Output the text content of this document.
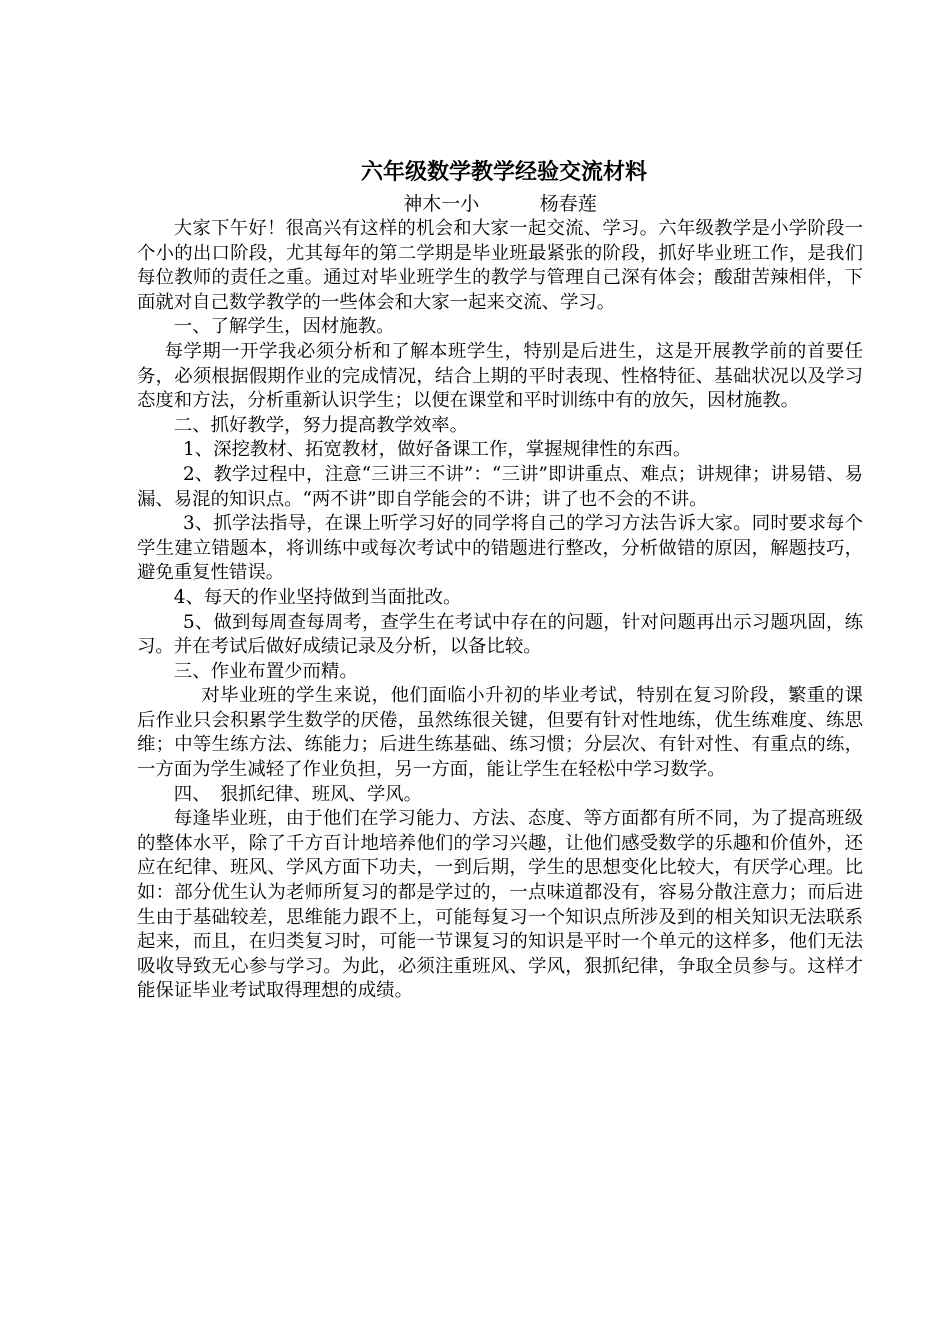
六年级数学教学经验交流材料
神木一小          杨春莲

大家下午好！很高兴有这样的机会和大家一起交流、学习。六年级教学是小学阶段一个小的出口阶段，尤其每年的第二学期是毕业班最紧张的阶段，抓好毕业班工作，是我们每位教师的责任之重。通过对毕业班学生的教学与管理自己深有体会；酸甜苦辣相伴，下面就对自己数学教学的一些体会和大家一起来交流、学习。

一、了解学生，因材施教。

每学期一开学我必须分析和了解本班学生，特别是后进生，这是开展教学前的首要任务，必须根据假期作业的完成情况，结合上期的平时表现、性格特征、基础状况以及学习态度和方法，分析重新认识学生；以便在课堂和平时训练中有的放矢，因材施教。

二、抓好教学，努力提高教学效率。

1、深挖教材、拓宽教材，做好备课工作，掌握规律性的东西。

2、教学过程中，注意“三讲三不讲”：“三讲”即讲重点、难点；讲规律；讲易错、易漏、易混的知识点。“两不讲”即自学能会的不讲；讲了也不会的不讲。

3、抓学法指导，在课上听学习好的同学将自己的学习方法告诉大家。同时要求每个学生建立错题本，将训练中或每次考试中的错题进行整改，分析做错的原因，解题技巧，避免重复性错误。

4、每天的作业坚持做到当面批改。

5、做到每周查每周考，查学生在考试中存在的问题，针对问题再出示习题巩固，练习。并在考试后做好成绩记录及分析，以备比较。

三、作业布置少而精。

对毕业班的学生来说，他们面临小升初的毕业考试，特别在复习阶段，繁重的课后作业只会积累学生数学的厌倦，虽然练很关键，但要有针对性地练，优生练难度、练思维；中等生练方法、练能力；后进生练基础、练习惯；分层次、有针对性、有重点的练，一方面为学生减轻了作业负担，另一方面，能让学生在轻松中学习数学。

四、　狠抓纪律、班风、学风。

每逢毕业班，由于他们在学习能力、方法、态度、等方面都有所不同，为了提高班级的整体水平，除了千方百计地培养他们的学习兴趣，让他们感受数学的乐趣和价值外，还应在纪律、班风、学风方面下功夫，一到后期，学生的思想变化比较大，有厌学心理。比如：部分优生认为老师所复习的都是学过的，一点味道都没有，容易分散注意力；而后进生由于基础较差，思维能力跟不上，可能每复习一个知识点所涉及到的相关知识无法联系起来，而且，在归类复习时，可能一节课复习的知识是平时一个单元的这样多，他们无法吸收导致无心参与学习。为此，必须注重班风、学风，狠抓纪律，争取全员参与。这样才能保证毕业考试取得理想的成绩。
